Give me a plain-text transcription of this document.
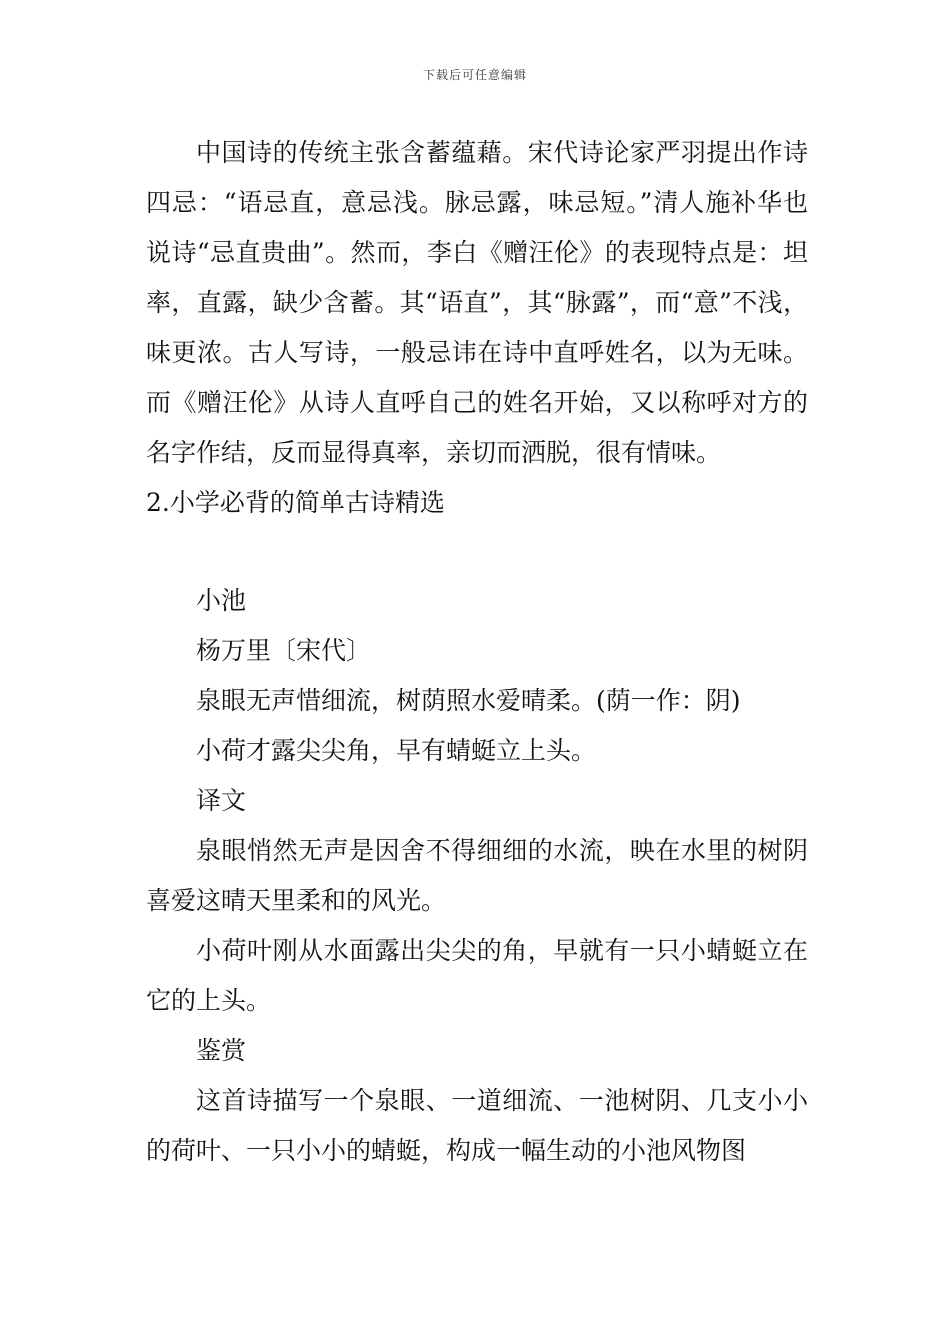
下载后可任意编辑

中国诗的传统主张含蓄蕴藉。宋代诗论家严羽提出作诗四忌：“语忌直，意忌浅。脉忌露，味忌短。”清人施补华也说诗“忌直贵曲”。然而，李白《赠汪伦》的表现特点是：坦率，直露，缺少含蓄。其“语直”，其“脉露”，而“意”不浅，味更浓。古人写诗，一般忌讳在诗中直呼姓名，以为无味。而《赠汪伦》从诗人直呼自己的姓名开始，又以称呼对方的名字作结，反而显得真率，亲切而洒脱，很有情味。

2.小学必背的简单古诗精选

小池

杨万里〔宋代〕

泉眼无声惜细流，树荫照水爱晴柔。(荫一作：阴)

小荷才露尖尖角，早有蜻蜓立上头。

译文

泉眼悄然无声是因舍不得细细的水流，映在水里的树阴喜爱这晴天里柔和的风光。

小荷叶刚从水面露出尖尖的角，早就有一只小蜻蜓立在它的上头。

鉴赏

这首诗描写一个泉眼、一道细流、一池树阴、几支小小的荷叶、一只小小的蜻蜓，构成一幅生动的小池风物图
